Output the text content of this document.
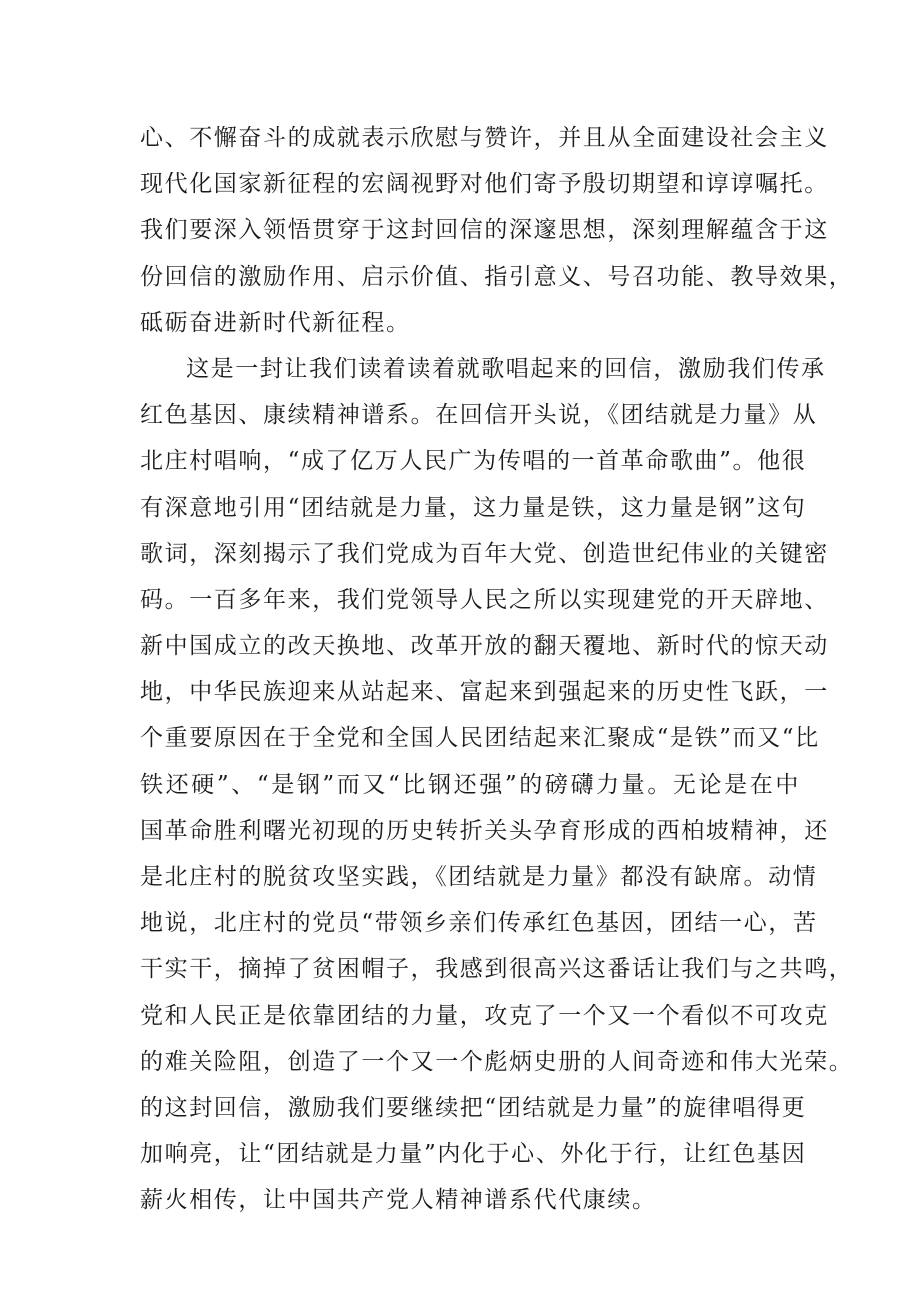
心、不懈奋斗的成就表示欣慰与赞许，并且从全面建设社会主义
现代化国家新征程的宏阔视野对他们寄予殷切期望和谆谆嘱托。
我们要深入领悟贯穿于这封回信的深邃思想，深刻理解蕴含于这
份回信的激励作用、启示价值、指引意义、号召功能、教导效果，
砥砺奋进新时代新征程。
这是一封让我们读着读着就歌唱起来的回信，激励我们传承
红色基因、康续精神谱系。在回信开头说，《团结就是力量》从
北庄村唱响，“成了亿万人民广为传唱的一首革命歌曲”。他很
有深意地引用“团结就是力量，这力量是铁，这力量是钢”这句
歌词，深刻揭示了我们党成为百年大党、创造世纪伟业的关键密
码。一百多年来，我们党领导人民之所以实现建党的开天辟地、
新中国成立的改天换地、改革开放的翻天覆地、新时代的惊天动
地，中华民族迎来从站起来、富起来到强起来的历史性飞跃，一
个重要原因在于全党和全国人民团结起来汇聚成“是铁”而又“比
铁还硬”、“是钢”而又“比钢还强”的磅礴力量。无论是在中
国革命胜利曙光初现的历史转折关头孕育形成的西柏坡精神，还
是北庄村的脱贫攻坚实践，《团结就是力量》都没有缺席。动情
地说，北庄村的党员“带领乡亲们传承红色基因，团结一心，苦
干实干，摘掉了贫困帽子，我感到很高兴这番话让我们与之共鸣，
党和人民正是依靠团结的力量，攻克了一个又一个看似不可攻克
的难关险阻，创造了一个又一个彪炳史册的人间奇迹和伟大光荣。
的这封回信，激励我们要继续把“团结就是力量”的旋律唱得更
加响亮，让“团结就是力量”内化于心、外化于行，让红色基因
薪火相传，让中国共产党人精神谱系代代康续。
